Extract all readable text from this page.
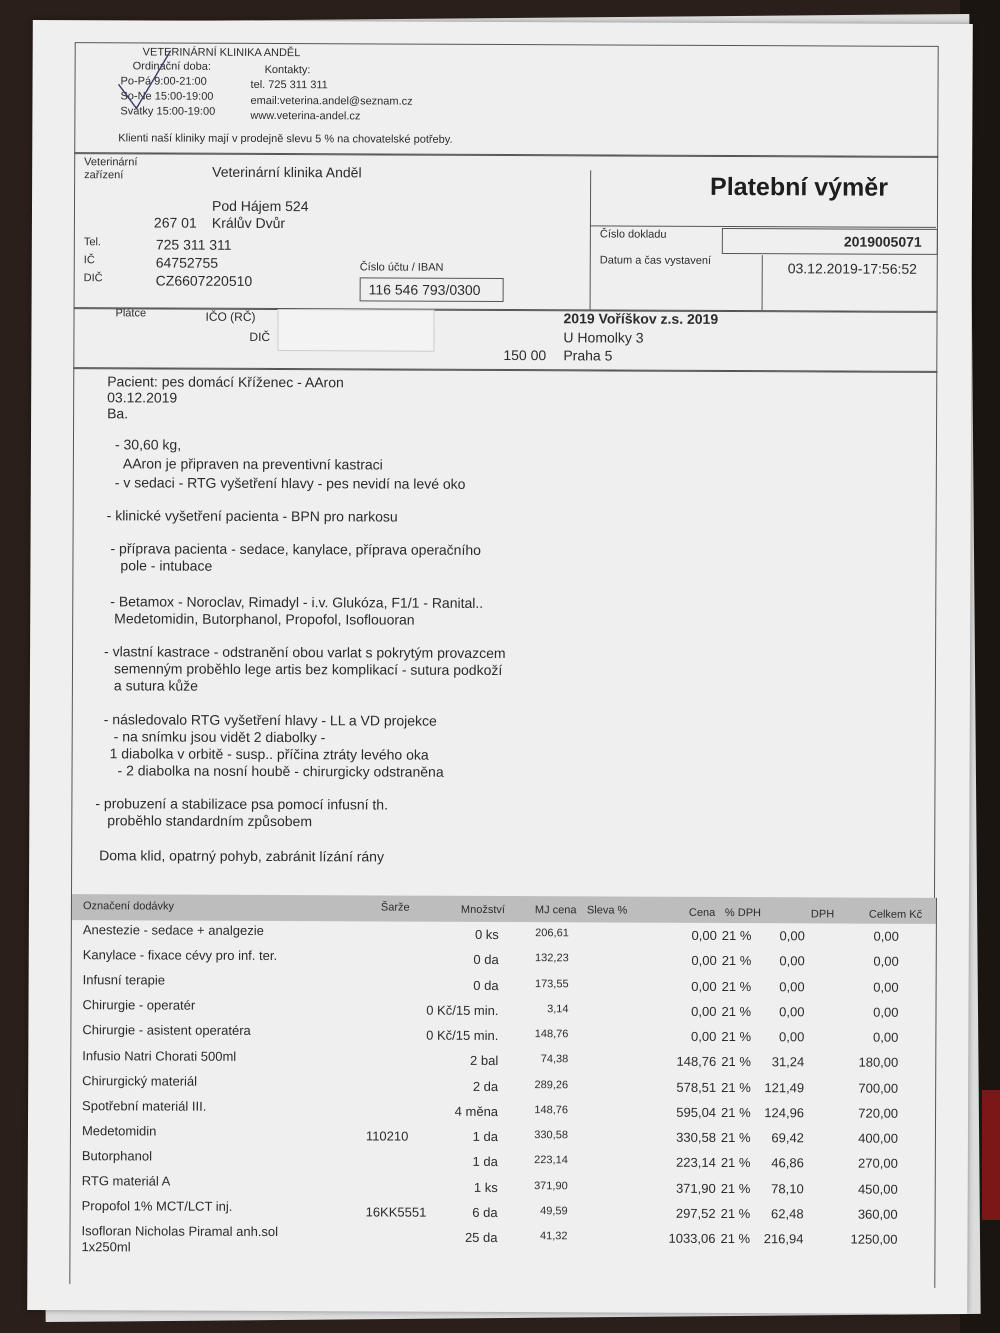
VETERINÁRNÍ KLINIKA ANDĚL
Ordinační doba:
Po-Pá 9:00-21:00
So-Ne 15:00-19:00
Svátky 15:00-19:00
Kontakty:
tel. 725 311 311
email:veterina.andel@seznam.cz
www.veterina-andel.cz
Klienti naší kliniky mají v prodejně slevu 5 % na chovatelské potřeby.
Veterinární
zařízení	Veterinární klinika Anděl
Pod Hájem 524
267 01 Králův Dvůr
Tel.	725 311 311
IČ	64752755
DIČ	CZ6607220510
Číslo účtu / IBAN
116 546 793/0300
Platební výměr
Číslo dokladu	2019005071
Datum a čas vystavení	03.12.2019-17:56:52
Plátce	IČO (RČ)
DIČ
2019 Voříškov z.s. 2019
U Homolky 3
150 00 Praha 5
Pacient: pes domácí Kříženec - AAron
03.12.2019
Ba.
- 30,60 kg,
AAron je připraven na preventivní kastraci
- v sedaci - RTG vyšetření hlavy - pes nevidí na levé oko
- klinické vyšetření pacienta - BPN pro narkosu
- příprava pacienta - sedace, kanylace, příprava operačního
pole - intubace
- Betamox - Noroclav, Rimadyl - i.v. Glukóza, F1/1 - Ranital..
Medetomidin, Butorphanol, Propofol, Isoflouoran
- vlastní kastrace - odstranění obou varlat s pokrytým provazcem
semenným proběhlo lege artis bez komplikací - sutura podkoží
a sutura kůže
- následovalo RTG vyšetření hlavy - LL a VD projekce
- na snímku jsou vidět 2 diabolky -
1 diabolka v orbitě - susp.. příčina ztráty levého oka
- 2 diabolka na nosní houbě - chirurgicky odstraněna
- probuzení a stabilizace psa pomocí infusní th.
proběhlo standardním způsobem
Doma klid, opatrný pohyb, zabránit lízání rány
Označení dodávky	Šarže	Množství	MJ cena Sleva %	Cena % DPH	DPH	Celkem Kč
Anestezie - sedace + analgezie	0 ks	206,61	0,00 21 %	0,00	0,00
Kanylace - fixace cévy pro inf. ter.	0 da	132,23	0,00 21 %	0,00	0,00
Infusní terapie	0 da	173,55	0,00 21 %	0,00	0,00
Chirurgie - operatér	0 Kč/15 min.	3,14	0,00 21 %	0,00	0,00
Chirurgie - asistent operatéra	0 Kč/15 min.	148,76	0,00 21 %	0,00	0,00
Infusio Natri Chorati 500ml	2 bal	74,38	148,76 21 %	31,24	180,00
Chirurgický materiál	2 da	289,26	578,51 21 %	121,49	700,00
Spotřební materiál III.	4 měna	148,76	595,04 21 %	124,96	720,00
Medetomidin	110210	1 da	330,58	330,58 21 %	69,42	400,00
Butorphanol	1 da	223,14	223,14 21 %	46,86	270,00
RTG materiál A	1 ks	371,90	371,90 21 %	78,10	450,00
Propofol 1% MCT/LCT inj.	16KK5551	6 da	49,59	297,52 21 %	62,48	360,00
Isofloran Nicholas Piramal anh.sol	25 da	41,32	1033,06 21 %	216,94	1250,00
1x250ml
